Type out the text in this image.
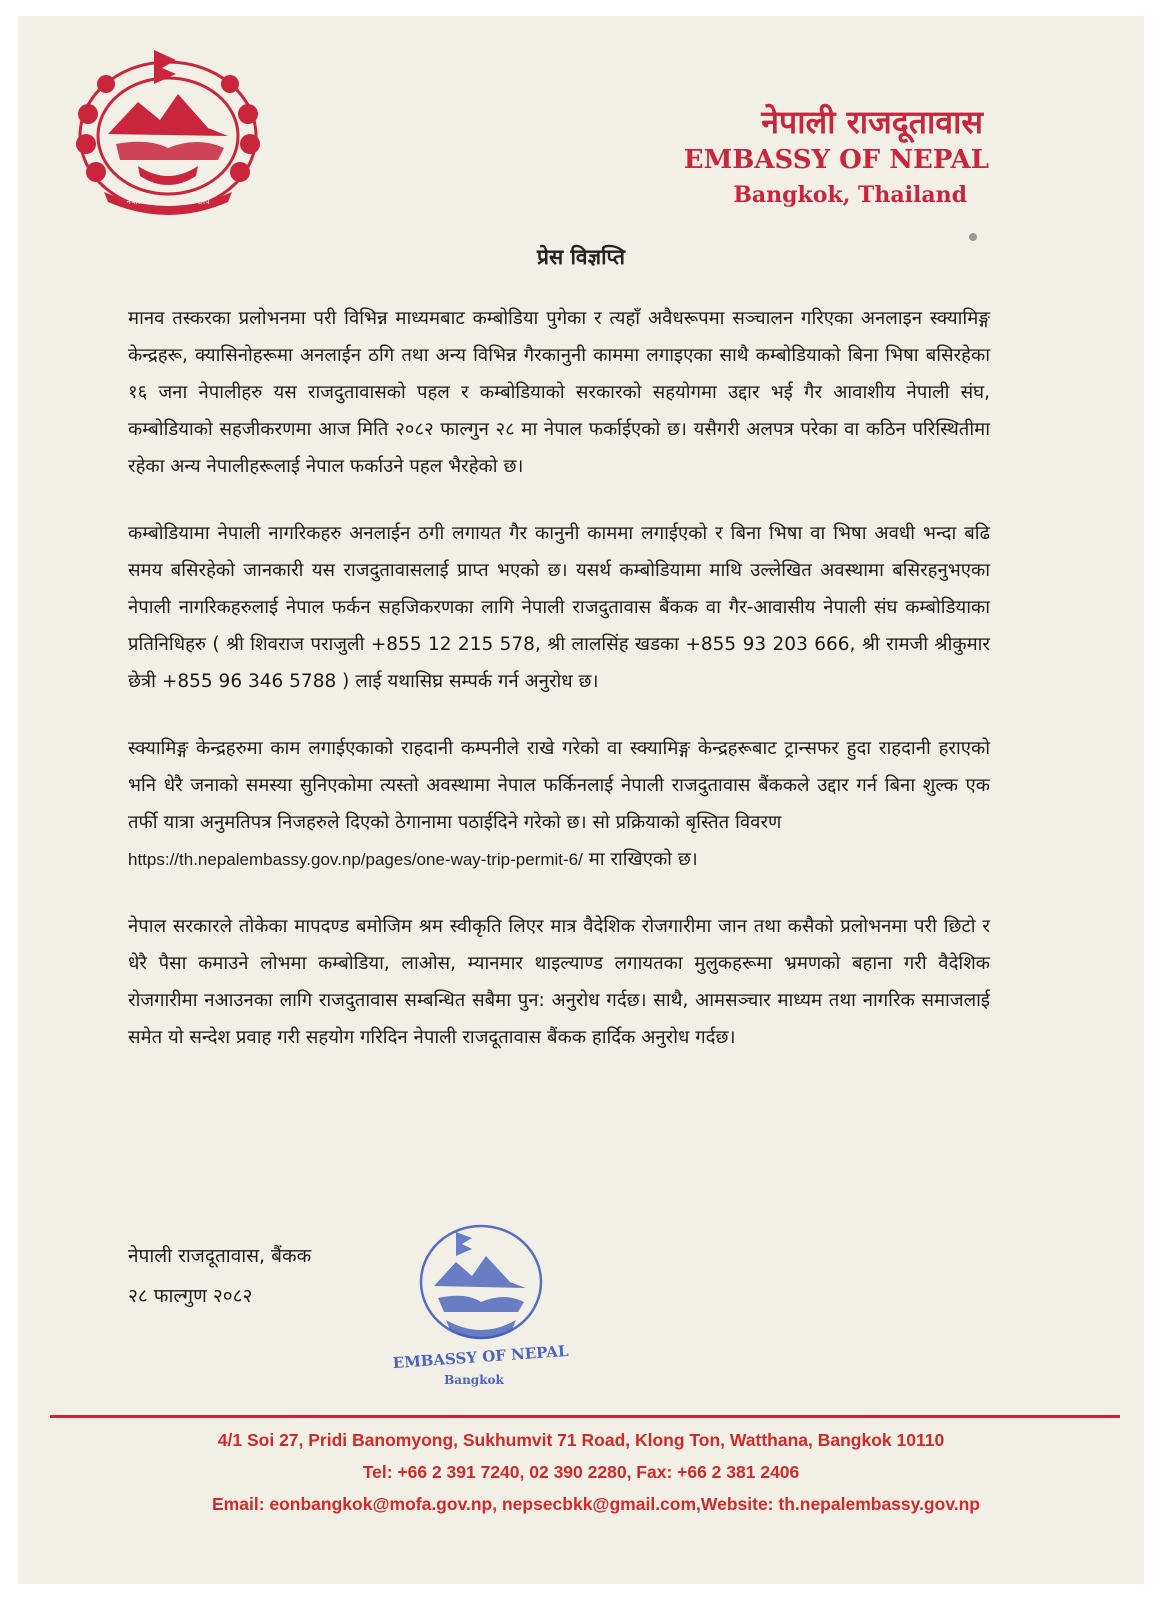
नेपाल सरकारको निशान छाप
नेपाली राजदूतावास
EMBASSY OF NEPAL
Bangkok, Thailand
प्रेस विज्ञप्ति

मानव तस्करका प्रलोभनमा परी विभिन्न माध्यमबाट कम्बोडिया पुगेका र त्यहाँ अवैधरूपमा सञ्चालन गरिएका अनलाइन स्क्यामिङ्ग केन्द्रहरू, क्यासिनोहरूमा अनलाईन ठगि तथा अन्य विभिन्न गैरकानुनी काममा लगाइएका साथै कम्बोडियाको बिना भिषा बसिरहेका १६ जना नेपालीहरु यस राजदुतावासको पहल र कम्बोडियाको सरकारको सहयोगमा उद्दार भई गैर आवाशीय नेपाली संघ, कम्बोडियाको सहजीकरणमा आज मिति २०८२ फाल्गुन २८ मा नेपाल फर्काईएको छ। यसैगरी अलपत्र परेका वा कठिन परिस्थितीमा रहेका अन्य नेपालीहरूलाई नेपाल फर्काउने पहल भैरहेको छ।

कम्बोडियामा नेपाली नागरिकहरु अनलाईन ठगी लगायत गैर कानुनी काममा लगाईएको र बिना भिषा वा भिषा अवधी भन्दा बढि समय बसिरहेको जानकारी यस राजदुतावासलाई प्राप्त भएको छ। यसर्थ कम्बोडियामा माथि उल्लेखित अवस्थामा बसिरहनुभएका नेपाली नागरिकहरुलाई नेपाल फर्कन सहजिकरणका लागि नेपाली राजदुतावास बैंकक वा गैर-आवासीय नेपाली संघ कम्बोडियाका प्रतिनिधिहरु ( श्री शिवराज पराजुली +855 12 215 578, श्री लालसिंह खडका +855 93 203 666, श्री रामजी श्रीकुमार छेत्री +855 96 346 5788 ) लाई यथासिघ्र सम्पर्क गर्न अनुरोध छ।

स्क्यामिङ्ग केन्द्रहरुमा काम लगाईएकाको राहदानी कम्पनीले राखे गरेको वा स्क्यामिङ्ग केन्द्रहरूबाट ट्रान्सफर हुदा राहदानी हराएको भनि धेरै जनाको समस्या सुनिएकोमा त्यस्तो अवस्थामा नेपाल फर्किनलाई नेपाली राजदुतावास बैंककले उद्दार गर्न बिना शुल्क एक तर्फी यात्रा अनुमतिपत्र निजहरुले दिएको ठेगानामा पठाईदिने गरेको छ। सो प्रक्रियाको बृस्तित विवरण
https://th.nepalembassy.gov.np/pages/one-way-trip-permit-6/ मा राखिएको छ।

नेपाल सरकारले तोकेका मापदण्ड बमोजिम श्रम स्वीकृति लिएर मात्र वैदेशिक रोजगारीमा जान तथा कसैको प्रलोभनमा परी छिटो र धेरै पैसा कमाउने लोभमा कम्बोडिया, लाओस, म्यानमार थाइल्याण्ड लगायतका मुलुकहरूमा भ्रमणको बहाना गरी वैदेशिक रोजगारीमा नआउनका लागि राजदुतावास सम्बन्धित सबैमा पुन: अनुरोध गर्दछ। साथै, आमसञ्चार माध्यम तथा नागरिक समाजलाई समेत यो सन्देश प्रवाह गरी सहयोग गरिदिन नेपाली राजदूतावास बैंकक हार्दिक अनुरोध गर्दछ।

नेपाली राजदूतावास, बैंकक
२८ फाल्गुण २०८२
EMBASSY OF NEPAL
Bangkok
4/1 Soi 27, Pridi Banomyong, Sukhumvit 71 Road, Klong Ton, Watthana, Bangkok 10110
Tel: +66 2 391 7240, 02 390 2280, Fax: +66 2 381 2406
Email: eonbangkok@mofa.gov.np, nepsecbkk@gmail.com,Website: th.nepalembassy.gov.np
